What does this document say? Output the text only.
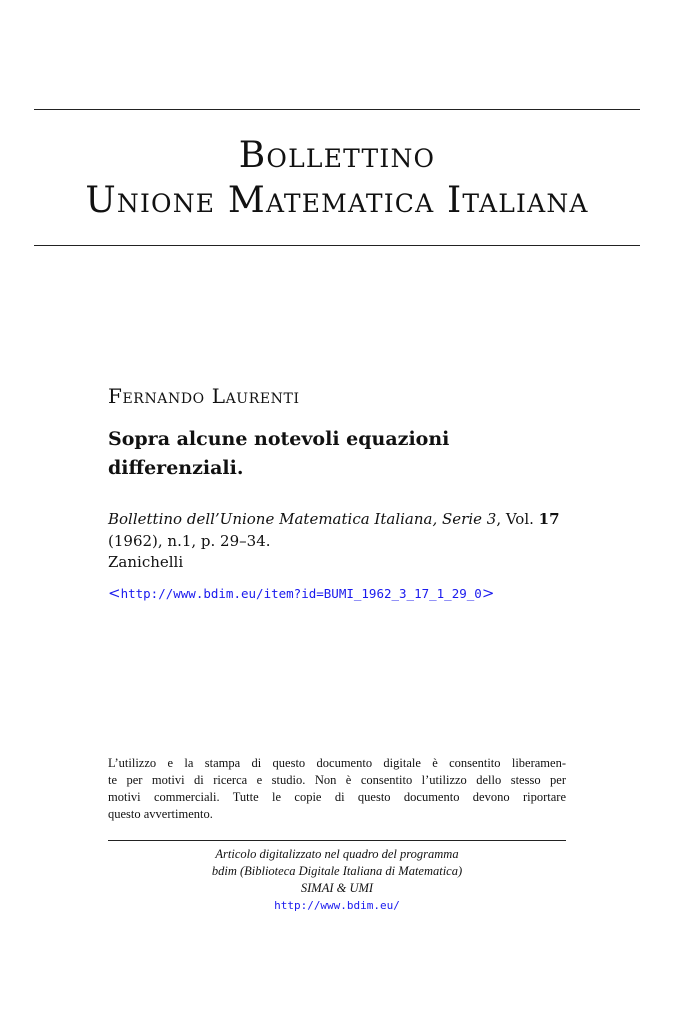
Bollettino
Unione Matematica Italiana
Fernando Laurenti
Sopra alcune notevoli equazioni differenziali.
Bollettino dell’Unione Matematica Italiana, Serie 3, Vol. 17
(1962), n.1, p. 29–34.
Zanichelli
<http://www.bdim.eu/item?id=BUMI_1962_3_17_1_29_0>
L’utilizzo e la stampa di questo documento digitale è consentito liberamen-
te per motivi di ricerca e studio. Non è consentito l’utilizzo dello stesso per
motivi commerciali. Tutte le copie di questo documento devono riportare
questo avvertimento.
Articolo digitalizzato nel quadro del programma
bdim (Biblioteca Digitale Italiana di Matematica)
SIMAI & UMI
http://www.bdim.eu/
